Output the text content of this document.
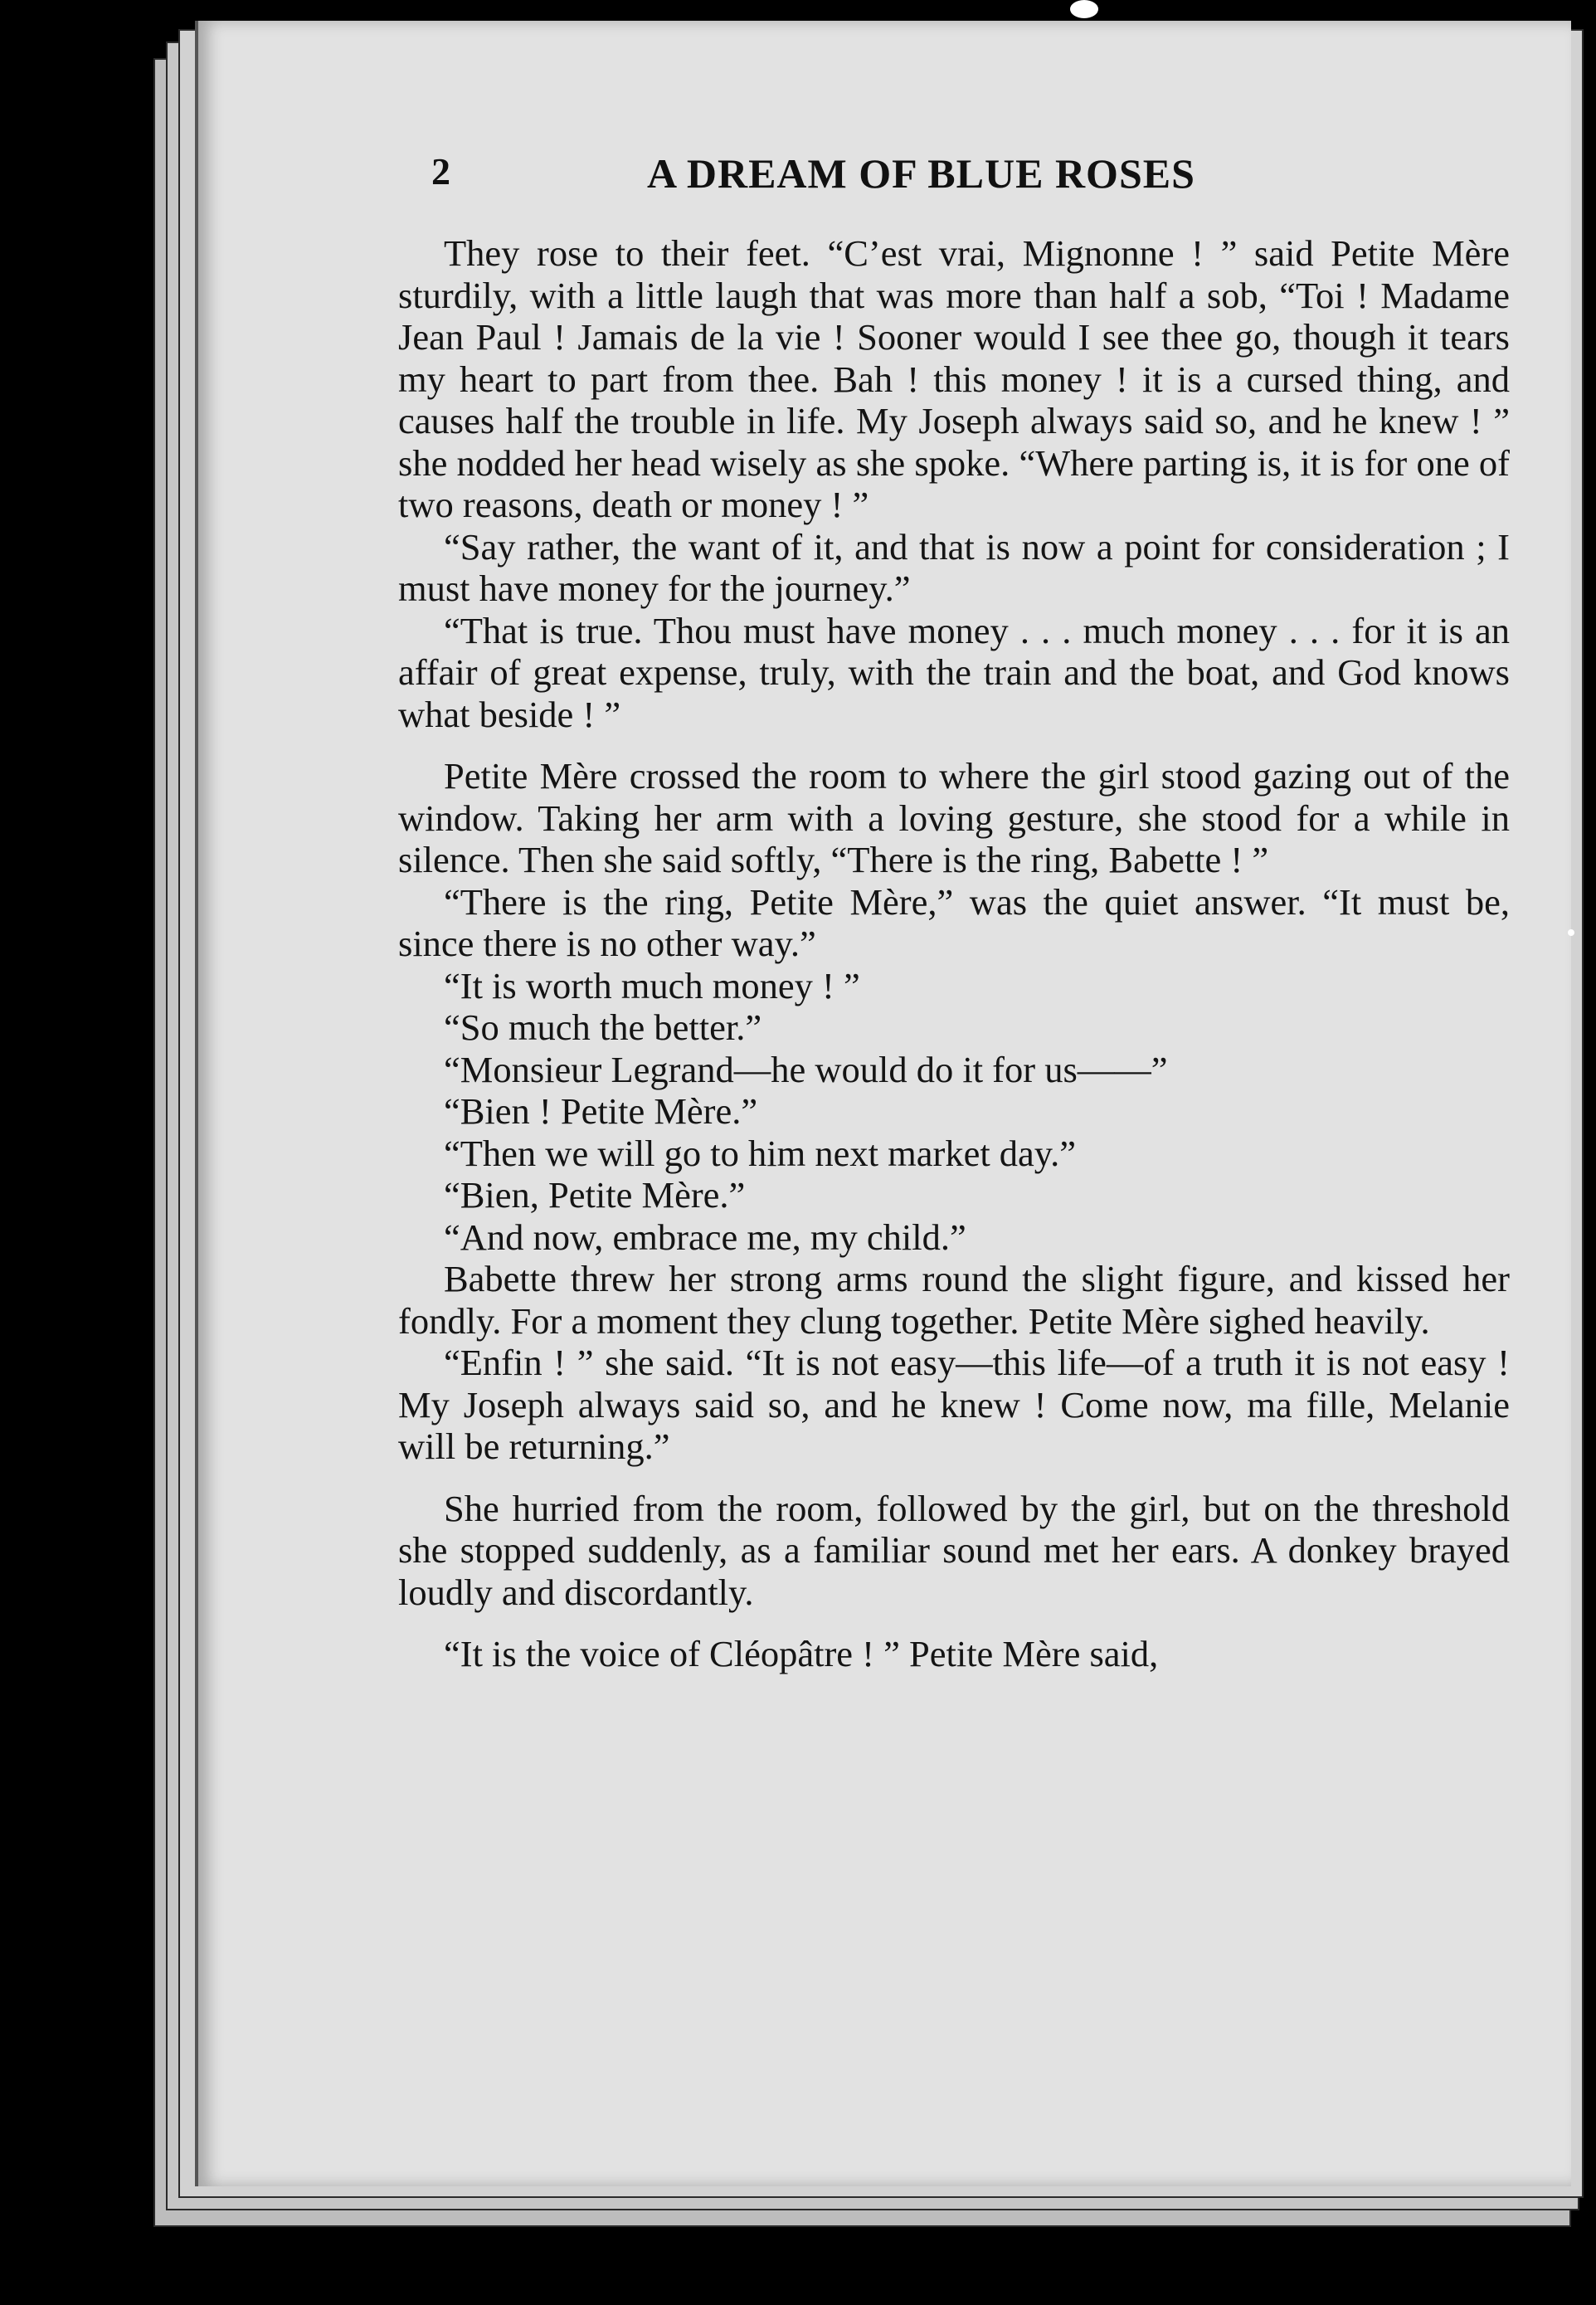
2	A DREAM OF BLUE ROSES

They rose to their feet. “C’est vrai, Mignonne ! ” said Petite Mère sturdily, with a little laugh that was more than half a sob, “Toi ! Madame Jean Paul ! Jamais de la vie ! Sooner would I see thee go, though it tears my heart to part from thee. Bah ! this money ! it is a cursed thing, and causes half the trouble in life. My Joseph always said so, and he knew ! ” she nodded her head wisely as she spoke. “Where parting is, it is for one of two reasons, death or money ! ”

“Say rather, the want of it, and that is now a point for consideration ; I must have money for the journey.”

“That is true. Thou must have money . . . much money . . . for it is an affair of great expense, truly, with the train and the boat, and God knows what beside ! ”

Petite Mère crossed the room to where the girl stood gazing out of the window. Taking her arm with a loving gesture, she stood for a while in silence. Then she said softly, “There is the ring, Babette ! ”

“There is the ring, Petite Mère,” was the quiet answer. “It must be, since there is no other way.”

“It is worth much money ! ”

“So much the better.”

“Monsieur Legrand—he would do it for us——”

“Bien ! Petite Mère.”

“Then we will go to him next market day.”

“Bien, Petite Mère.”

“And now, embrace me, my child.”

Babette threw her strong arms round the slight figure, and kissed her fondly. For a moment they clung together. Petite Mère sighed heavily.

“Enfin ! ” she said. “It is not easy—this life—of a truth it is not easy ! My Joseph always said so, and he knew ! Come now, ma fille, Melanie will be returning.”

She hurried from the room, followed by the girl, but on the threshold she stopped suddenly, as a familiar sound met her ears. A donkey brayed loudly and discordantly.

“It is the voice of Cléopâtre ! ” Petite Mère said,
